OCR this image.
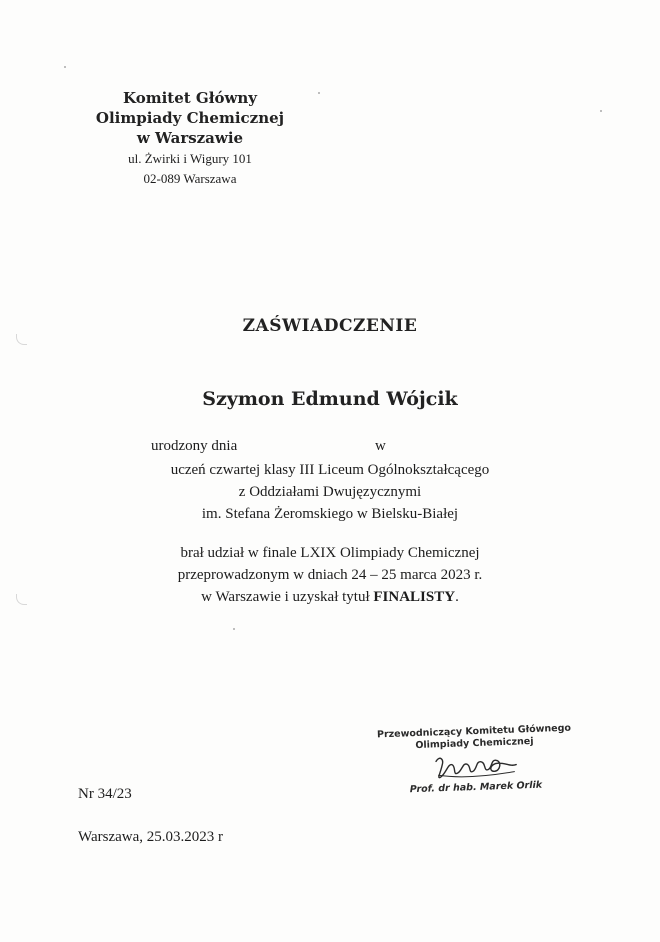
Komitet Główny
Olimpiady Chemicznej
w Warszawie
ul. Żwirki i Wigury 101
02-089 Warszawa
ZAŚWIADCZENIE
Szymon Edmund Wójcik
urodzony dnia	w
uczeń czwartej klasy III Liceum Ogólnokształcącego
z Oddziałami Dwujęzycznymi
im. Stefana Żeromskiego w Bielsku-Białej
brał udział w finale LXIX Olimpiady Chemicznej
przeprowadzonym w dniach 24 – 25 marca 2023 r.
w Warszawie i uzyskał tytuł FINALISTY.
Przewodniczący Komitetu Głównego
Olimpiady Chemicznej
Prof. dr hab. Marek Orlik
Nr 34/23
Warszawa, 25.03.2023 r
